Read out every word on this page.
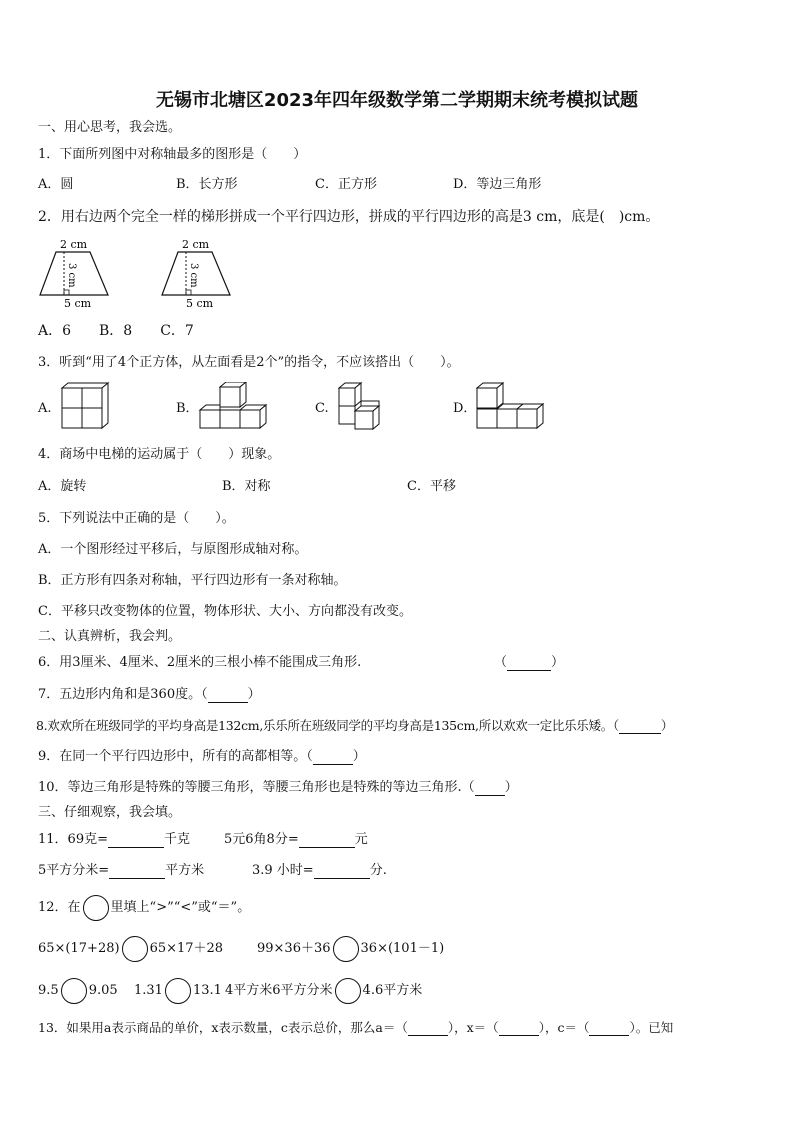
无锡市北塘区2023年四年级数学第二学期期末统考模拟试题
一、用心思考，我会选。
1．下面所列图中对称轴最多的图形是（　　）
A．圆	B．长方形	C．正方形	D．等边三角形
2．用右边两个完全一样的梯形拼成一个平行四边形，拼成的平行四边形的高是3 cm，底是(　)cm。
2 cm
3 cm
5 cm
2 cm
3 cm
5 cm
A．6　　B．8　　C．7
3．听到“用了4个正方体，从左面看是2个”的指令，不应该搭出（　　）。
A.	B．	C.	D．
4．商场中电梯的运动属于（　　）现象。
A．旋转	B．对称	C．平移
5．下列说法中正确的是（　　）。
A．一个图形经过平移后，与原图形成轴对称。
B．正方形有四条对称轴，平行四边形有一条对称轴。
C．平移只改变物体的位置，物体形状、大小、方向都没有改变。
二、认真辨析，我会判。
6．用3厘米、4厘米、2厘米的三根小棒不能围成三角形.	（	）
7．五边形内角和是360度。（	）
8.欢欢所在班级同学的平均身高是132cm,乐乐所在班级同学的平均身高是135cm,所以欢欢一定比乐乐矮。（	）
9．在同一个平行四边形中，所有的高都相等。（	）
10．等边三角形是特殊的等腰三角形，等腰三角形也是特殊的等边三角形.（ ）
三、仔细观察，我会填。
11．69克=	千克	5元6角8分=	元
5平方分米=	平方米	3.9 小时=	分.
12．在 里填上“>”“<”或“＝”。
65×(17+28) 65×17＋28	99×36＋36 36×(101－1)
9.5 9.05 1.31 13.1 4平方米6平方分米 4.6平方米
13．如果用a表示商品的单价，x表示数量，c表示总价，那么a＝（	），x＝（	），c＝（	）。已知
